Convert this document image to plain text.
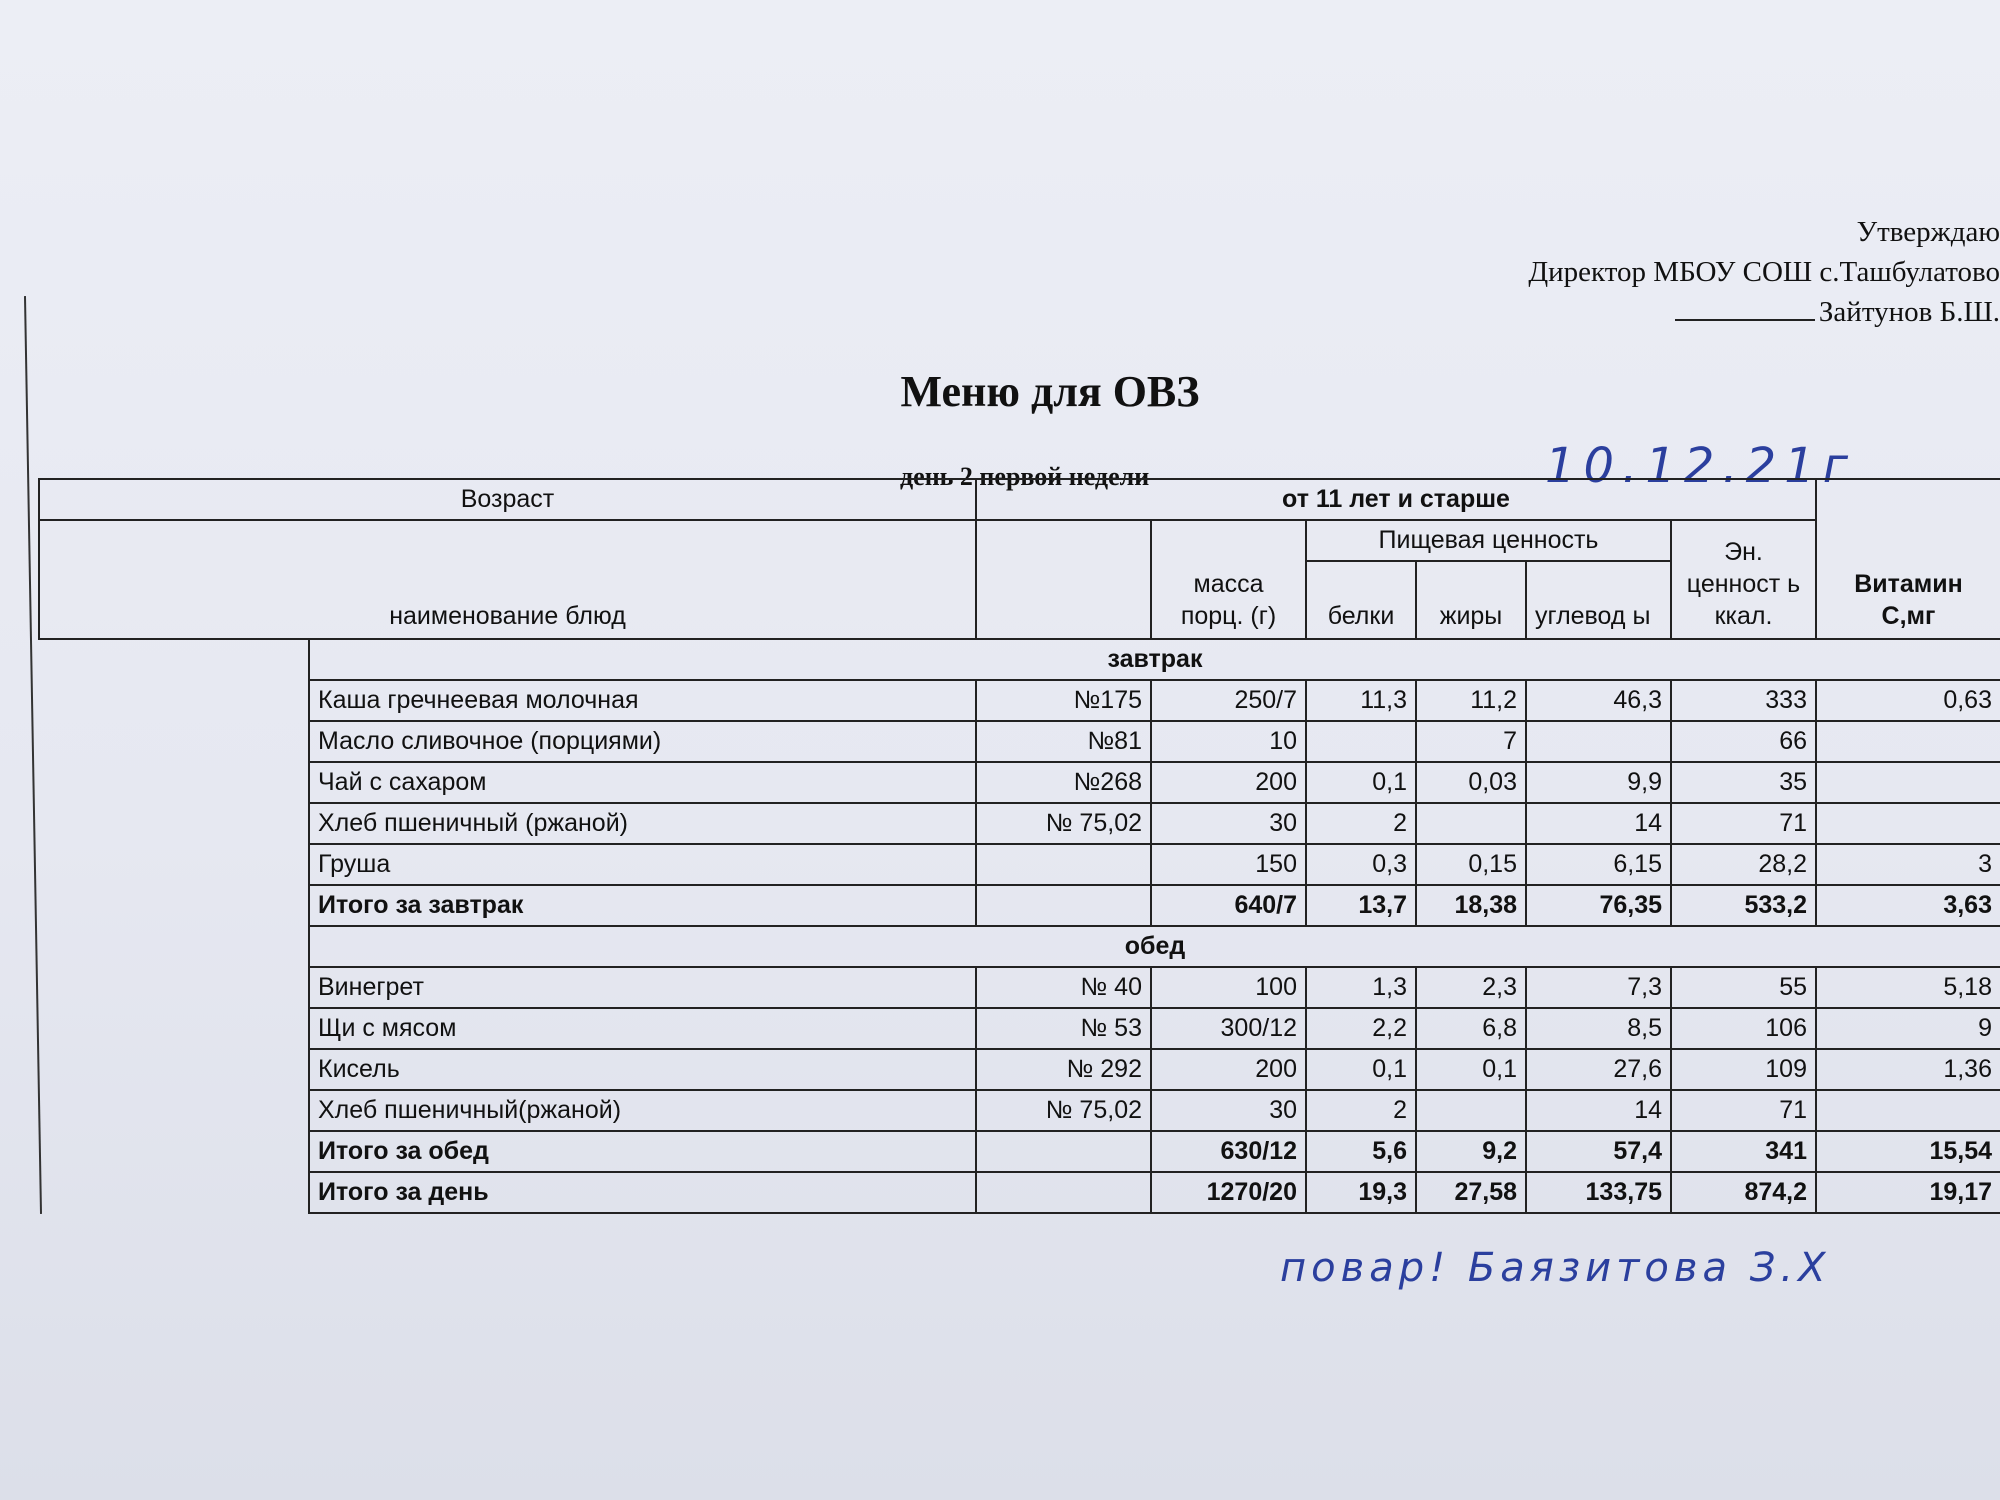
Утверждаю
Директор МБОУ СОШ с.Ташбулатово
Зайтунов Б.Ш.
Меню для ОВЗ
день 2 первой недели	10.12.21г
Возраст		от 11 лет и старше						Витамин С,мг
наименование блюд			масса порц. (г)	Пищевая ценность			Эн. ценност ь ккал.	
				белки	жиры	углевод ы		
	завтрак							
	Каша гречнеевая молочная	№175	250/7	11,3	11,2	46,3	333	0,63
	Масло сливочное (порциями)	№81	10		7		66	
	Чай с сахаром	№268	200	0,1	0,03	9,9	35	
	Хлеб пшеничный (ржаной)	№ 75,02	30	2		14	71	
	Груша		150	0,3	0,15	6,15	28,2	3
	Итого за завтрак		640/7	13,7	18,38	76,35	533,2	3,63
	обед							
	Винегрет	№ 40	100	1,3	2,3	7,3	55	5,18
	Щи с мясом	№ 53	300/12	2,2	6,8	8,5	106	9
	Кисель	№ 292	200	0,1	0,1	27,6	109	1,36
	Хлеб пшеничный(ржаной)	№ 75,02	30	2		14	71	
	Итого за обед		630/12	5,6	9,2	57,4	341	15,54
	Итого за день		1270/20	19,3	27,58	133,75	874,2	19,17
повар! Баязитова З.Х
